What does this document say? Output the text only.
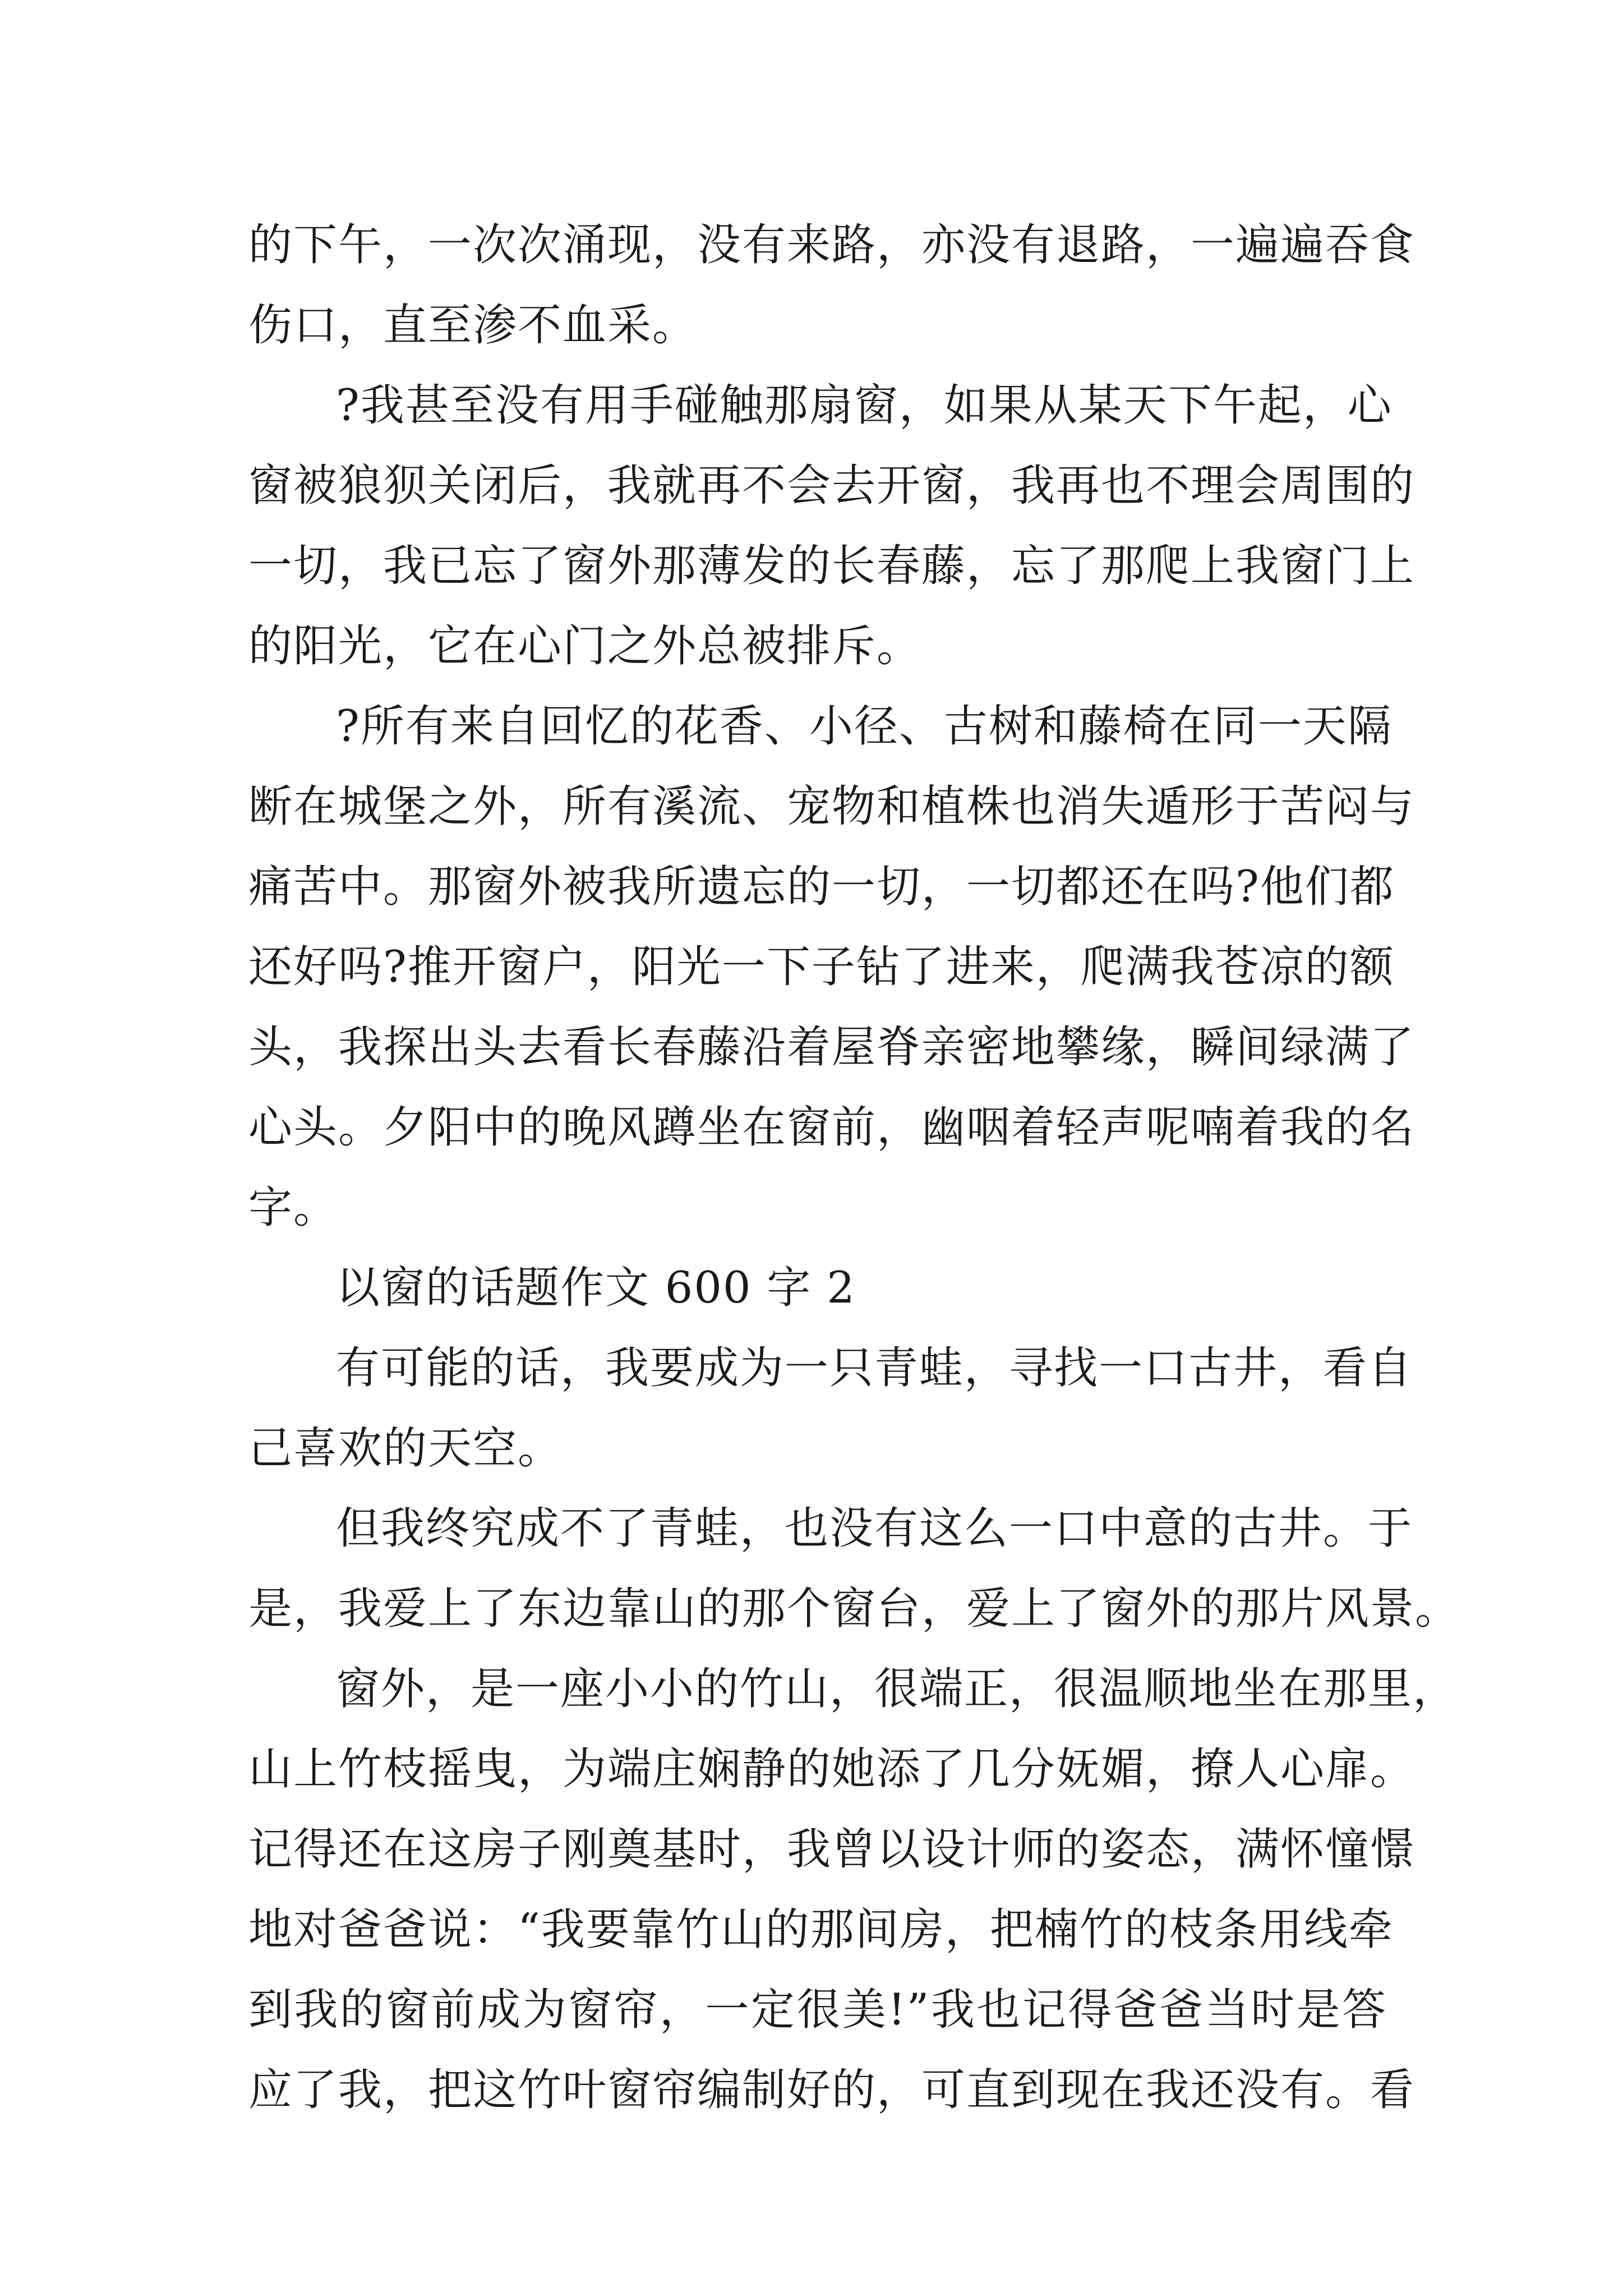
的下午，一次次涌现，没有来路，亦没有退路，一遍遍吞食
伤口，直至渗不血采。
?我甚至没有用手碰触那扇窗，如果从某天下午起，心
窗被狼狈关闭后，我就再不会去开窗，我再也不理会周围的
一切，我已忘了窗外那薄发的长春藤，忘了那爬上我窗门上
的阳光，它在心门之外总被排斥。
?所有来自回忆的花香、小径、古树和藤椅在同一天隔
断在城堡之外，所有溪流、宠物和植株也消失遁形于苦闷与
痛苦中。那窗外被我所遗忘的一切，一切都还在吗?他们都
还好吗?推开窗户，阳光一下子钻了进来，爬满我苍凉的额
头，我探出头去看长春藤沿着屋脊亲密地攀缘，瞬间绿满了
心头。夕阳中的晚风蹲坐在窗前，幽咽着轻声呢喃着我的名
字。
以窗的话题作文 600 字 2
有可能的话，我要成为一只青蛙，寻找一口古井，看自
己喜欢的天空。
但我终究成不了青蛙，也没有这么一口中意的古井。于
是，我爱上了东边靠山的那个窗台，爱上了窗外的那片风景。
窗外，是一座小小的竹山，很端正，很温顺地坐在那里，
山上竹枝摇曳，为端庄娴静的她添了几分妩媚，撩人心扉。
记得还在这房子刚奠基时，我曾以设计师的姿态，满怀憧憬
地对爸爸说：“我要靠竹山的那间房，把楠竹的枝条用线牵
到我的窗前成为窗帘，一定很美!”我也记得爸爸当时是答
应了我，把这竹叶窗帘编制好的，可直到现在我还没有。看
